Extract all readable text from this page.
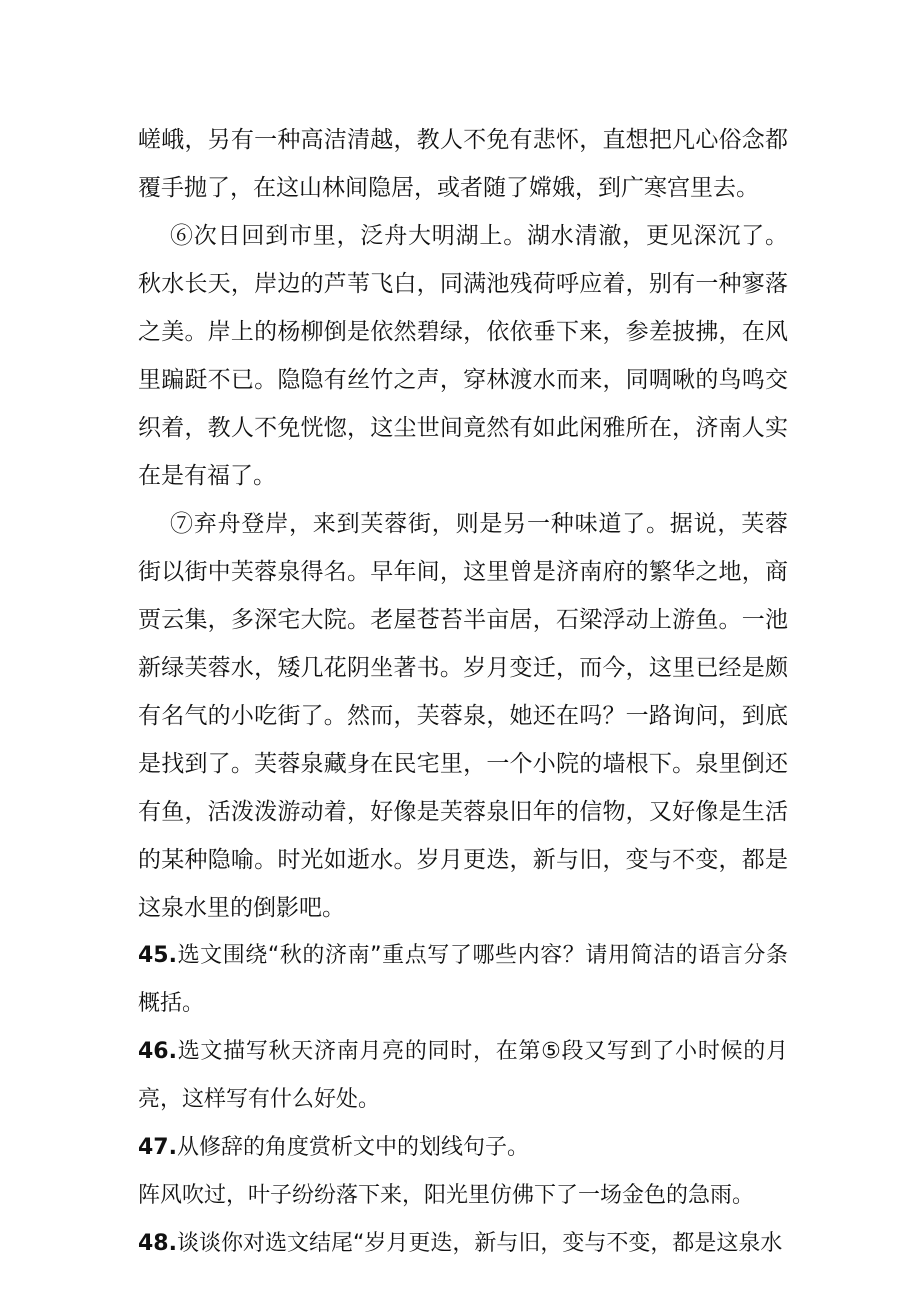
嵯峨，另有一种高洁清越，教人不免有悲怀，直想把凡心俗念都覆手抛了，在这山林间隐居，或者随了嫦娥，到广寒宫里去。

⑥次日回到市里，泛舟大明湖上。湖水清澈，更见深沉了。秋水长天，岸边的芦苇飞白，同满池残荷呼应着，别有一种寥落之美。岸上的杨柳倒是依然碧绿，依依垂下来，参差披拂，在风里蹁跹不已。隐隐有丝竹之声，穿林渡水而来，同啁啾的鸟鸣交织着，教人不免恍惚，这尘世间竟然有如此闲雅所在，济南人实在是有福了。

⑦弃舟登岸，来到芙蓉街，则是另一种味道了。据说，芙蓉街以街中芙蓉泉得名。早年间，这里曾是济南府的繁华之地，商贾云集，多深宅大院。老屋苍苔半亩居，石梁浮动上游鱼。一池新绿芙蓉水，矮几花阴坐著书。岁月变迁，而今，这里已经是颇有名气的小吃街了。然而，芙蓉泉，她还在吗？一路询问，到底是找到了。芙蓉泉藏身在民宅里，一个小院的墙根下。泉里倒还有鱼，活泼泼游动着，好像是芙蓉泉旧年的信物，又好像是生活的某种隐喻。时光如逝水。岁月更迭，新与旧，变与不变，都是这泉水里的倒影吧。

45.选文围绕“秋的济南”重点写了哪些内容？请用简洁的语言分条概括。

46.选文描写秋天济南月亮的同时，在第⑤段又写到了小时候的月亮，这样写有什么好处。

47.从修辞的角度赏析文中的划线句子。

阵风吹过，叶子纷纷落下来，阳光里仿佛下了一场金色的急雨。

48.谈谈你对选文结尾“岁月更迭，新与旧，变与不变，都是这泉水
